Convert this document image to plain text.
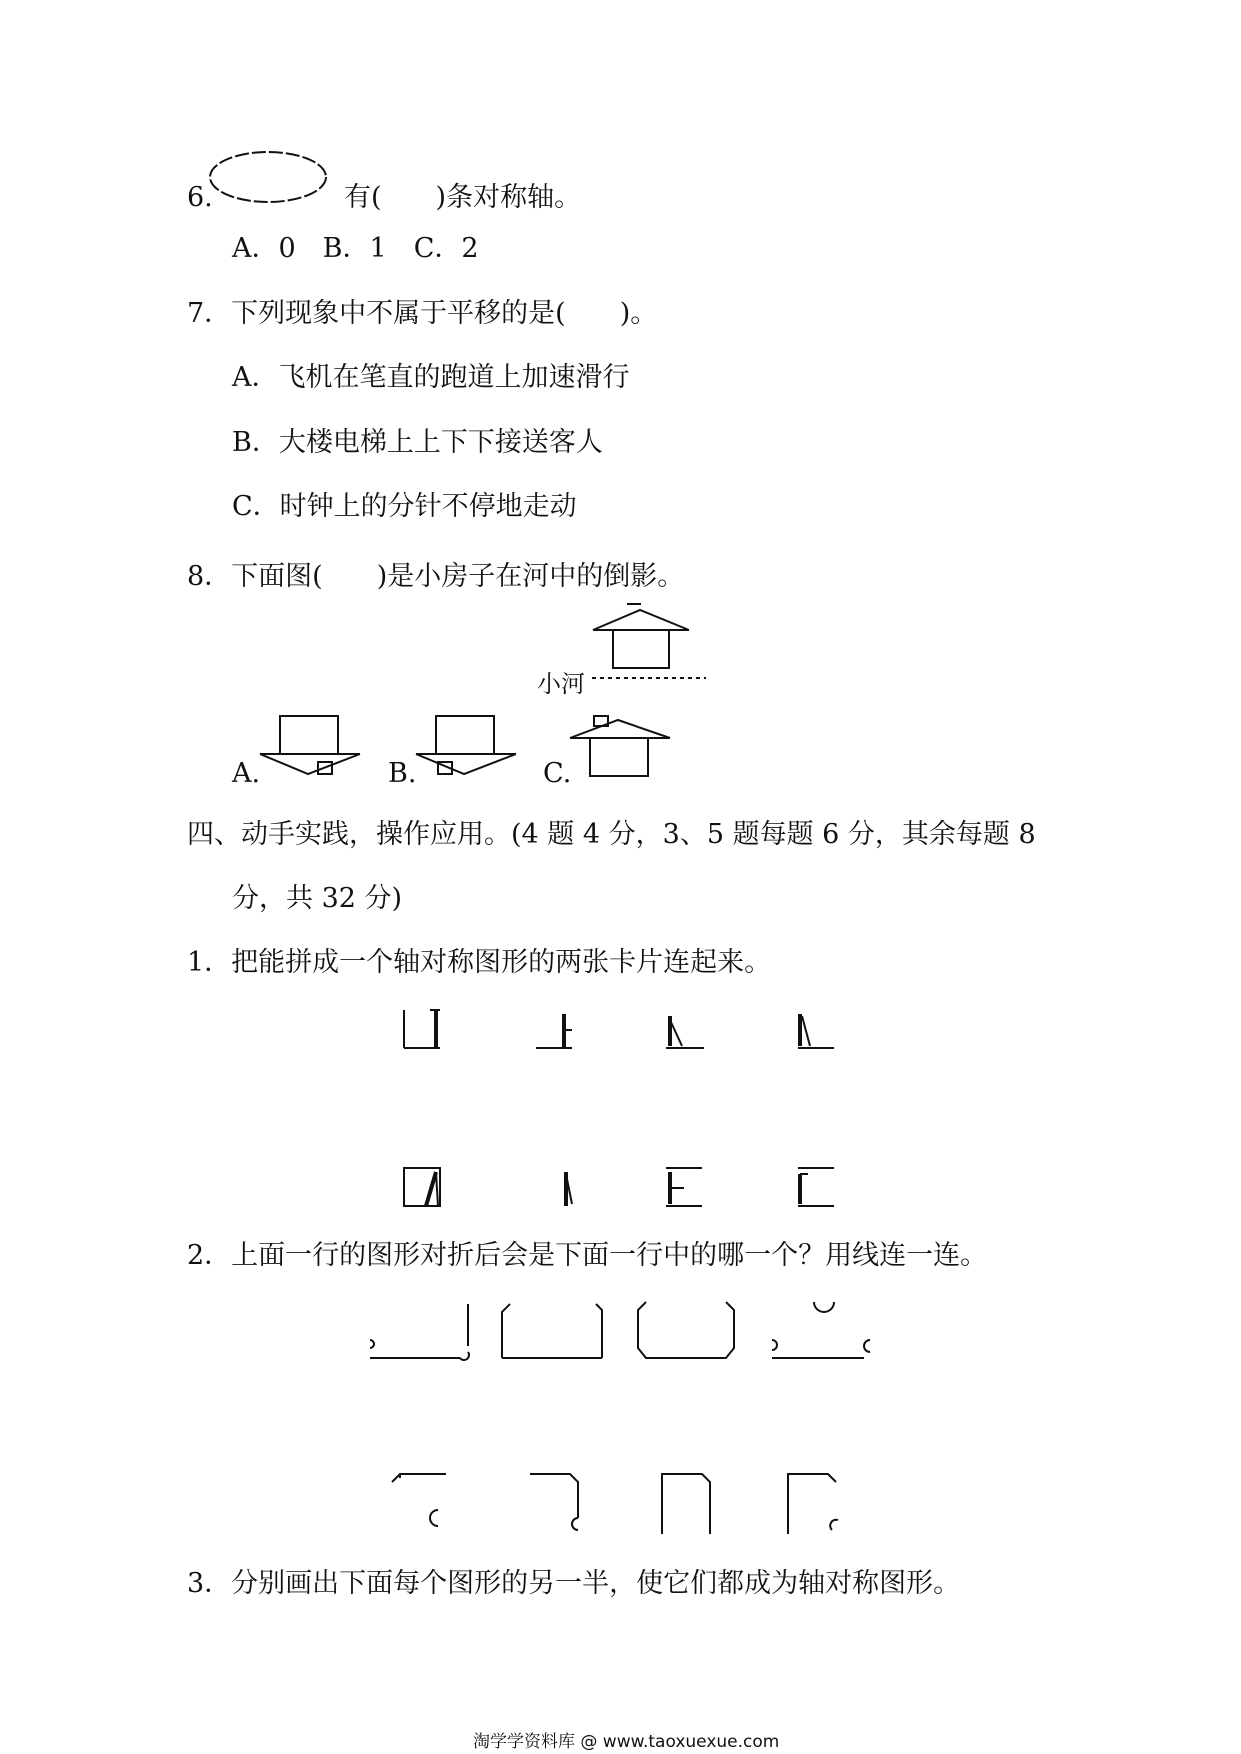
6.	有(　　)条对称轴。
A．0　B．1　C．2
7．下列现象中不属于平移的是(　　)。
A．飞机在笔直的跑道上加速滑行
B．大楼电梯上上下下接送客人
C．时钟上的分针不停地走动
8．下面图(　　)是小房子在河中的倒影。
小河
A.	B.	C.
四、动手实践，操作应用。(4 题 4 分，3、5 题每题 6 分，其余每题 8
分，共 32 分)
1．把能拼成一个轴对称图形的两张卡片连起来。
2．上面一行的图形对折后会是下面一行中的哪一个？用线连一连。
3．分别画出下面每个图形的另一半，使它们都成为轴对称图形。
淘学学资料库 @ www.taoxuexue.com
